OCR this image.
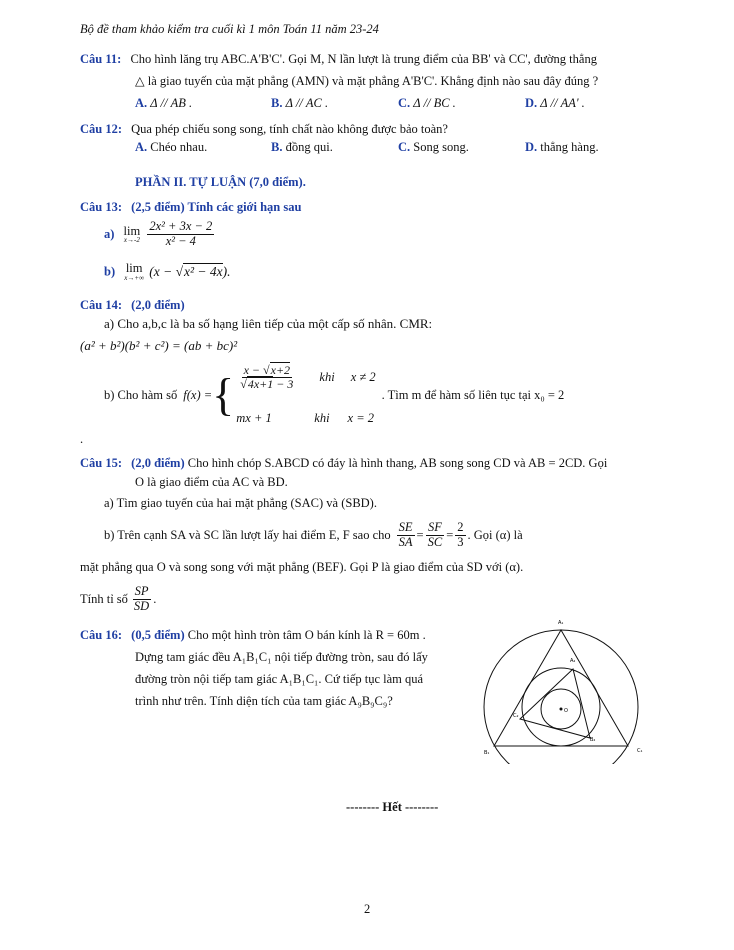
Bộ đề tham khảo kiểm tra cuối kì 1 môn Toán 11 năm 23-24
Câu 11: Cho hình lăng trụ ABC.A'B'C'. Gọi M, N lần lượt là trung điểm của BB' và CC', đường thẳng
△ là giao tuyến của mặt phẳng (AMN) và mặt phẳng A'B'C'. Khẳng định nào sau đây đúng ?
A. Δ // AB .	B. Δ // AC .	C. Δ // BC .	D. Δ // AA' .
Câu 12: Qua phép chiếu song song, tính chất nào không được bảo toàn?
A. Chéo nhau.	B. đồng qui.	C. Song song.	D. thẳng hàng.
PHẦN II. TỰ LUẬN (7,0 điểm).
Câu 13: (2,5 điểm) Tính các giới hạn sau
a) lim
x→-2
$\frac{\text{2x² + 3x − 2}}{\text{x² − 4}}$
b) lim
x→+∞ (x − √x² − 4x).
Câu 14: (2,0 điểm)
a) Cho a,b,c là ba số hạng liên tiếp của một cấp số nhân. CMR:
(a² + b²)(b² + c²) = (ab + bc)²
b) Cho hàm số f(x) = { $\frac{x - √x+2}{√4x+1 - 3}$ khi x ≠ 2
mx + 1	khi x = 2
. Tìm m để hàm số liên tục tại x₀ = 2
.
Câu 15: (2,0 điểm) Cho hình chóp S.ABCD có đáy là hình thang, AB song song CD và AB = 2CD. Gọi
O là giao điểm của AC và BD.
a) Tìm giao tuyến của hai mặt phẳng (SAC) và (SBD).
b) Trên cạnh SA và SC lần lượt lấy hai điểm E, F sao cho $\frac{SE}{SA} = \frac{SF}{SC} = \frac{2}{3}$ . Gọi (α) là
mặt phẳng qua O và song song với mặt phẳng (BEF). Gọi P là giao điểm của SD với (α).
Tính tỉ số $\frac{SP}{SD}$ .
Câu 16: (0,5 điểm) Cho một hình tròn tâm O bán kính là R = 60m .
Dựng tam giác đều A₁B₁C₁ nội tiếp đường tròn, sau đó lấy
đường tròn nội tiếp tam giác A₁B₁C₁. Cứ tiếp tục làm quá
trình như trên. Tính diện tích của tam giác A₉B₉C₉?
A₁
A₂
B₁	C₁
C₂
B₂
O
-------- Hết --------
2
